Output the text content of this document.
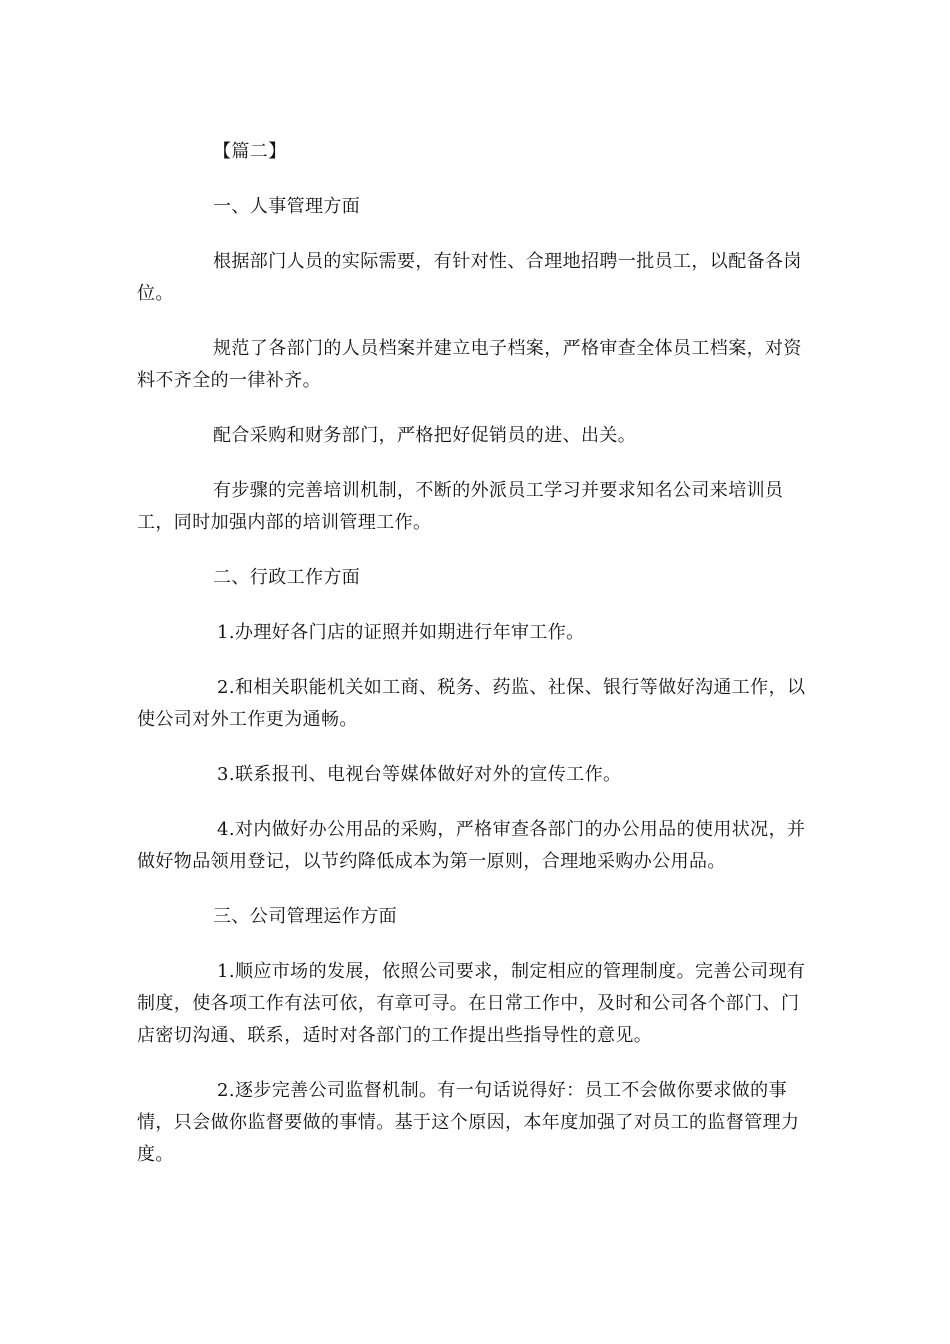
【篇二】

一、人事管理方面

根据部门人员的实际需要，有针对性、合理地招聘一批员工，以配备各岗位。

规范了各部门的人员档案并建立电子档案，严格审查全体员工档案，对资料不齐全的一律补齐。

配合采购和财务部门，严格把好促销员的进、出关。

有步骤的完善培训机制，不断的外派员工学习并要求知名公司来培训员工，同时加强内部的培训管理工作。

二、行政工作方面

1.办理好各门店的证照并如期进行年审工作。

2.和相关职能机关如工商、税务、药监、社保、银行等做好沟通工作，以使公司对外工作更为通畅。

3.联系报刊、电视台等媒体做好对外的宣传工作。

4.对内做好办公用品的采购，严格审查各部门的办公用品的使用状况，并做好物品领用登记，以节约降低成本为第一原则，合理地采购办公用品。

三、公司管理运作方面

1.顺应市场的发展，依照公司要求，制定相应的管理制度。完善公司现有制度，使各项工作有法可依，有章可寻。在日常工作中，及时和公司各个部门、门店密切沟通、联系，适时对各部门的工作提出些指导性的意见。

2.逐步完善公司监督机制。有一句话说得好：员工不会做你要求做的事情，只会做你监督要做的事情。基于这个原因，本年度加强了对员工的监督管理力度。
